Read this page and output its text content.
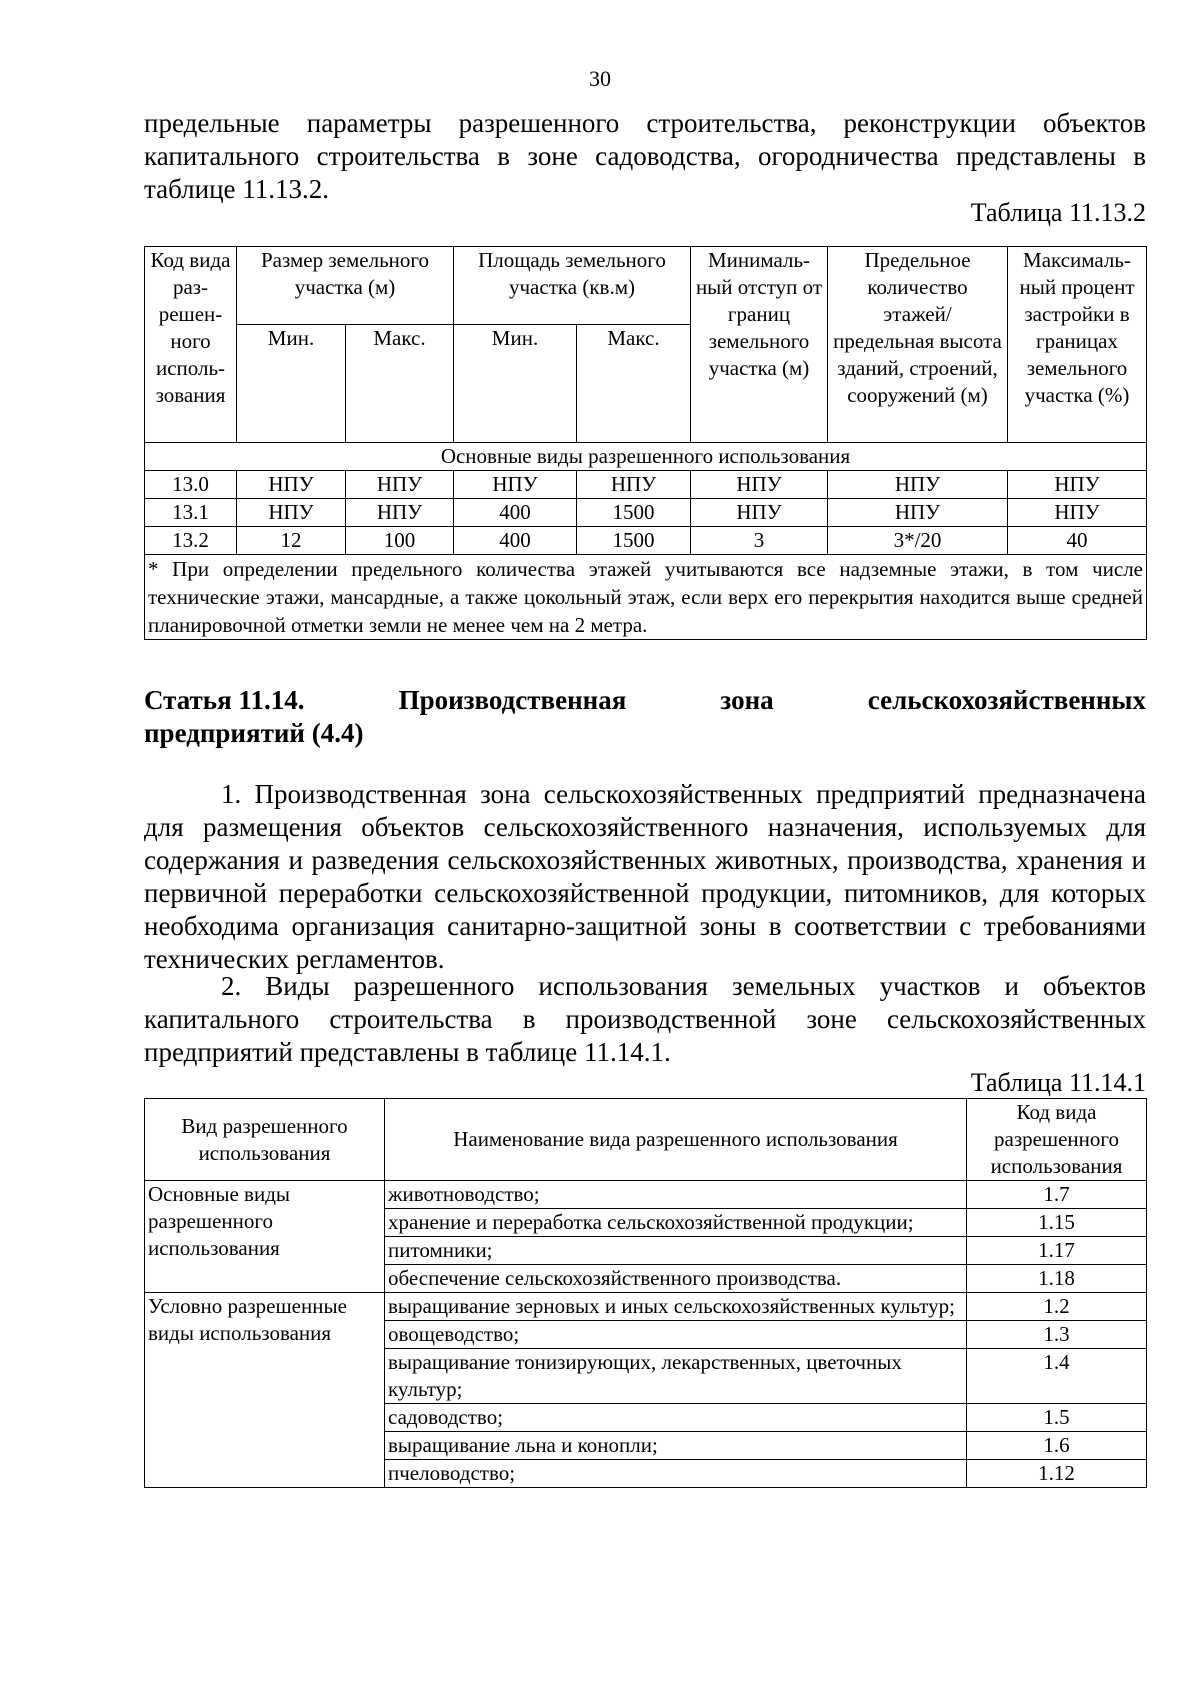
30

предельные параметры разрешенного строительства, реконструкции объектов капитального строительства в зоне садоводства, огородничества представлены в таблице 11.13.2.

Таблица 11.13.2
Код вида раз-решен-ного исполь-зования	Размер земельного участка (м)		Площадь земельного участка (кв.м)		Минималь-ный отступ от границ земельного участка (м)	Предельное количество этажей/ предельная высота зданий, строений, сооружений (м)	Максималь-ный процент застройки в границах земельного участка (%)
	Мин.	Макс.	Мин.	Макс.			
Основные виды разрешенного использования							
13.0	НПУ	НПУ	НПУ	НПУ	НПУ	НПУ	НПУ
13.1	НПУ	НПУ	400	1500	НПУ	НПУ	НПУ
13.2	12	100	400	1500	3	3*/20	40
* При определении предельного количества этажей учитываются все надземные этажи, в том числе технические этажи, мансардные, а также цокольный этаж, если верх его перекрытия находится выше средней планировочной отметки земли не менее чем на 2 метра.							
Статья 11.14.	Производственная	зона	сельскохозяйственных
предприятий (4.4)

1. Производственная зона сельскохозяйственных предприятий предназначена для размещения объектов сельскохозяйственного назначения, используемых для содержания и разведения сельскохозяйственных животных, производства, хранения и первичной переработки сельскохозяйственной продукции, питомников, для которых необходима организация санитарно-защитной зоны в соответствии с требованиями технических регламентов.

2. Виды разрешенного использования земельных участков и объектов капитального строительства в производственной зоне сельскохозяйственных предприятий представлены в таблице 11.14.1.

Таблица 11.14.1
Вид разрешенного использования	Наименование вида разрешенного использования	Код вида разрешенного использования
Основные виды разрешенного использования	животноводство;	1.7
	хранение и переработка сельскохозяйственной продукции;	1.15
	питомники;	1.17
	обеспечение сельскохозяйственного производства.	1.18
Условно разрешенные виды использования	выращивание зерновых и иных сельскохозяйственных культур;	1.2
	овощеводство;	1.3
	выращивание тонизирующих, лекарственных, цветочных культур;	1.4
	садоводство;	1.5
	выращивание льна и конопли;	1.6
	пчеловодство;	1.12
